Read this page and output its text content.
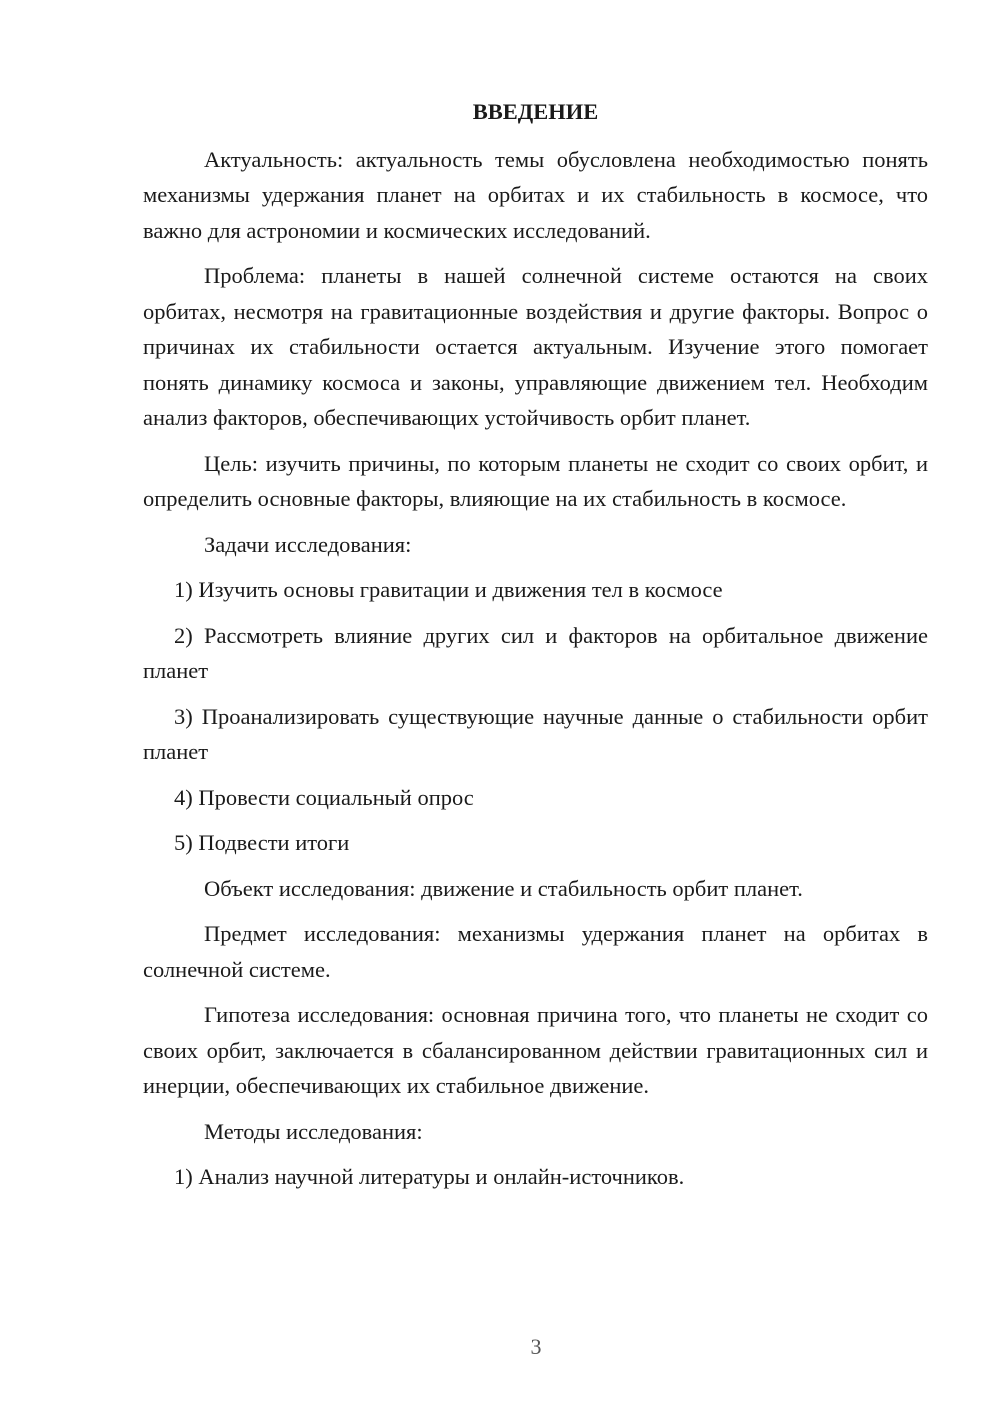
ВВЕДЕНИЕ

Актуальность: актуальность темы обусловлена необходимостью понять механизмы удержания планет на орбитах и их стабильность в космосе, что важно для астрономии и космических исследований.

Проблема: планеты в нашей солнечной системе остаются на своих орбитах, несмотря на гравитационные воздействия и другие факторы. Вопрос о причинах их стабильности остается актуальным. Изучение этого помогает понять динамику космоса и законы, управляющие движением тел. Необходим анализ факторов, обеспечивающих устойчивость орбит планет.

Цель: изучить причины, по которым планеты не сходит со своих орбит, и определить основные факторы, влияющие на их стабильность в космосе.

Задачи исследования:

1) Изучить основы гравитации и движения тел в космосе

2) Рассмотреть влияние других сил и факторов на орбитальное движение планет

3) Проанализировать существующие научные данные о стабильности орбит планет

4) Провести социальный опрос

5) Подвести итоги

Объект исследования: движение и стабильность орбит планет.

Предмет исследования: механизмы удержания планет на орбитах в солнечной системе.

Гипотеза исследования: основная причина того, что планеты не сходит со своих орбит, заключается в сбалансированном действии гравитационных сил и инерции, обеспечивающих их стабильное движение.

Методы исследования:

1) Анализ научной литературы и онлайн-источников.

3
